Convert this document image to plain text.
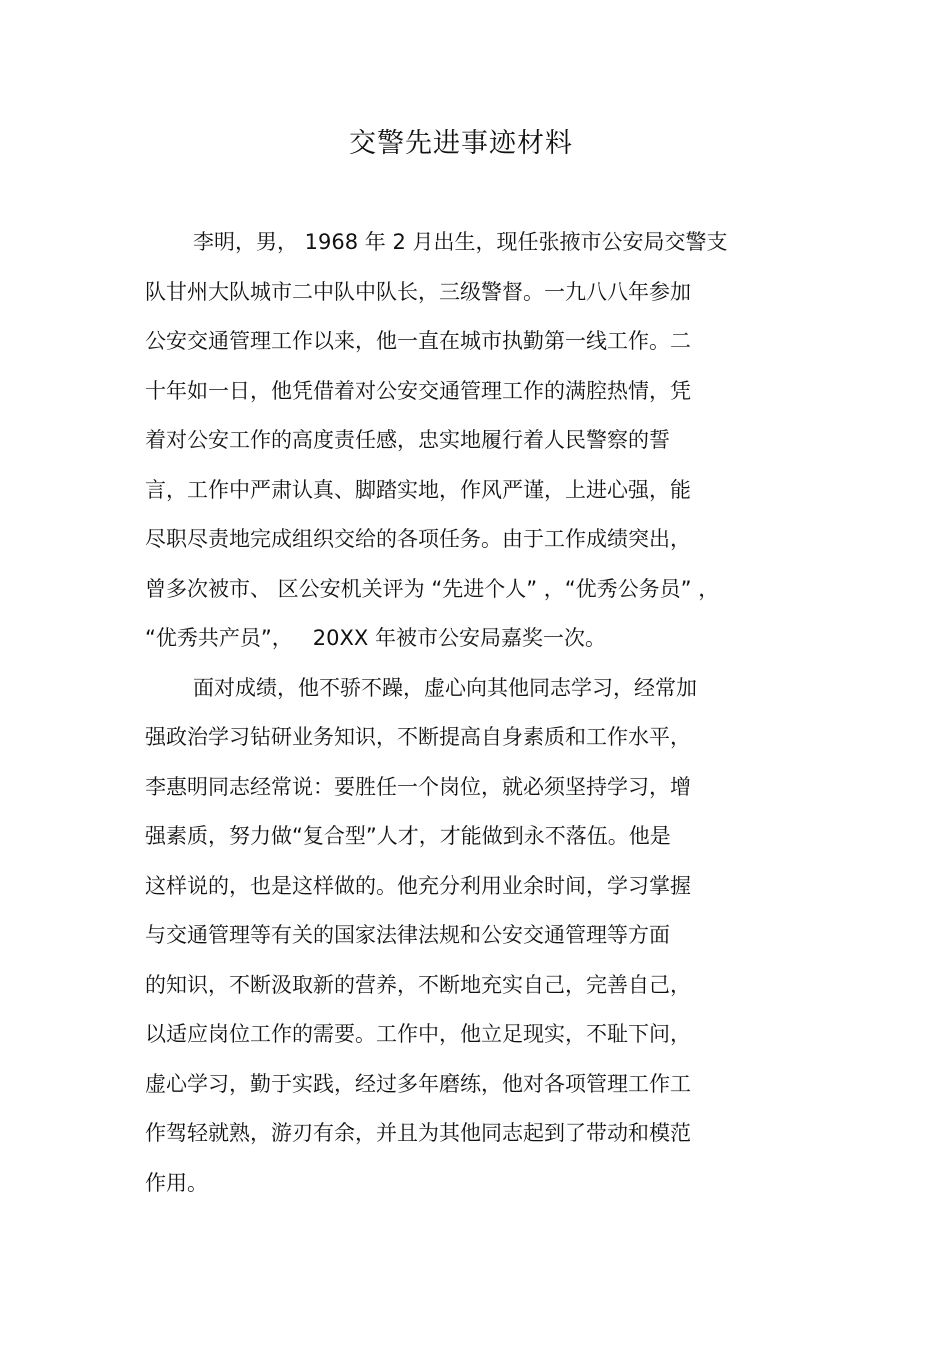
交警先进事迹材料
李明，男， 1968 年 2 月出生，现任张掖市公安局交警支
队甘州大队城市二中队中队长，三级警督。一九八八年参加
公安交通管理工作以来，他一直在城市执勤第一线工作。二
十年如一日，他凭借着对公安交通管理工作的满腔热情，凭
着对公安工作的高度责任感，忠实地履行着人民警察的誓
言，工作中严肃认真、脚踏实地，作风严谨，上进心强，能
尽职尽责地完成组织交给的各项任务。由于工作成绩突出，
曾多次被市、 区公安机关评为 “先进个人” ，“优秀公务员” ，
“优秀共产员”，   20XX 年被市公安局嘉奖一次。
面对成绩，他不骄不躁，虚心向其他同志学习，经常加
强政治学习钻研业务知识，不断提高自身素质和工作水平，
李惠明同志经常说：要胜任一个岗位，就必须坚持学习，增
强素质，努力做“复合型”人才，才能做到永不落伍。他是
这样说的，也是这样做的。他充分利用业余时间，学习掌握
与交通管理等有关的国家法律法规和公安交通管理等方面
的知识，不断汲取新的营养，不断地充实自己，完善自己，
以适应岗位工作的需要。工作中，他立足现实，不耻下问，
虚心学习，勤于实践，经过多年磨练，他对各项管理工作工
作驾轻就熟，游刃有余，并且为其他同志起到了带动和模范
作用。
